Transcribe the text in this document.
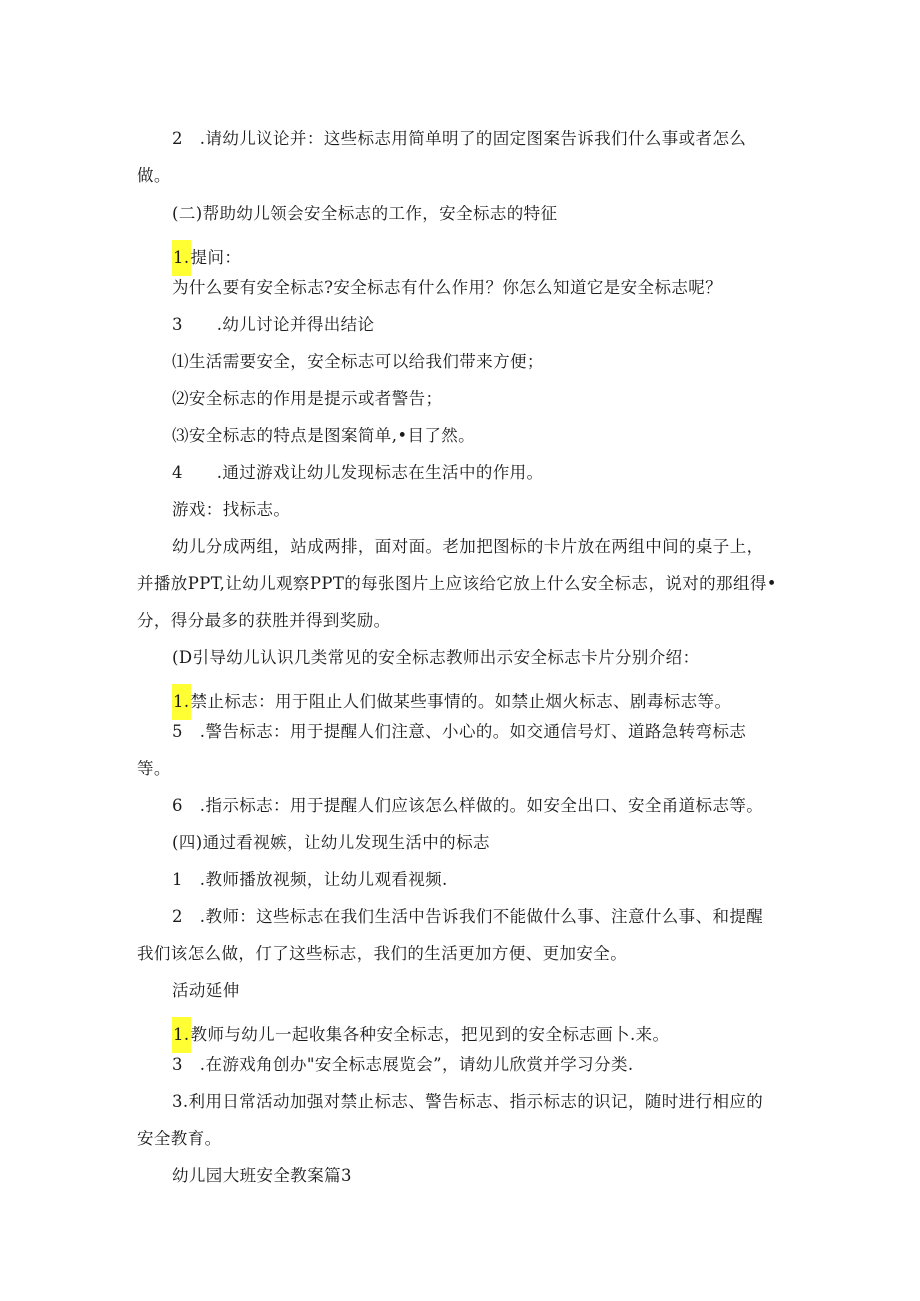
2　.请幼儿议论并：这些标志用简单明了的固定图案告诉我们什么事或者怎么
做。
(二)帮助幼儿领会安全标志的工作，安全标志的特征
1.提问：
为什么要有安全标志?安全标志有什么作用？你怎么知道它是安全标志呢？
3　　.幼儿讨论并得出结论
⑴生活需要安全，安全标志可以给我们带来方便；
⑵安全标志的作用是提示或者警告；
⑶安全标志的特点是图案简单,•目了然。
4　　.通过游戏让幼儿发现标志在生活中的作用。
游戏：找标志。
幼儿分成两组，站成两排，面对面。老加把图标的卡片放在两组中间的桌子上，
并播放PPT,让幼儿观察PPT的每张图片上应该给它放上什么安全标志，说对的那组得•
分，得分最多的获胜并得到奖励。
(D引导幼儿认识几类常见的安全标志教师出示安全标志卡片分别介绍：
1.禁止标志：用于阻止人们做某些事情的。如禁止烟火标志、剧毒标志等。
5　.警告标志：用于提醒人们注意、小心的。如交通信号灯、道路急转弯标志
等。
6　.指示标志：用于提醒人们应该怎么样做的。如安全出口、安全甬道标志等。
(四)通过看视嫉，让幼儿发现生活中的标志
1　.教师播放视频，让幼儿观看视频.
2　.教师：这些标志在我们生活中告诉我们不能做什么事、注意什么事、和提醒
我们该怎么做，仃了这些标志，我们的生活更加方便、更加安全。
活动延伸
1.教师与幼儿一起收集各种安全标志，把见到的安全标志画卜.来。
3　.在游戏角创办"安全标志展览会”，请幼儿欣赏并学习分类.
3.利用日常活动加强对禁止标志、警告标志、指示标志的识记，随时进行相应的
安全教育。
幼儿园大班安全教案篇3
